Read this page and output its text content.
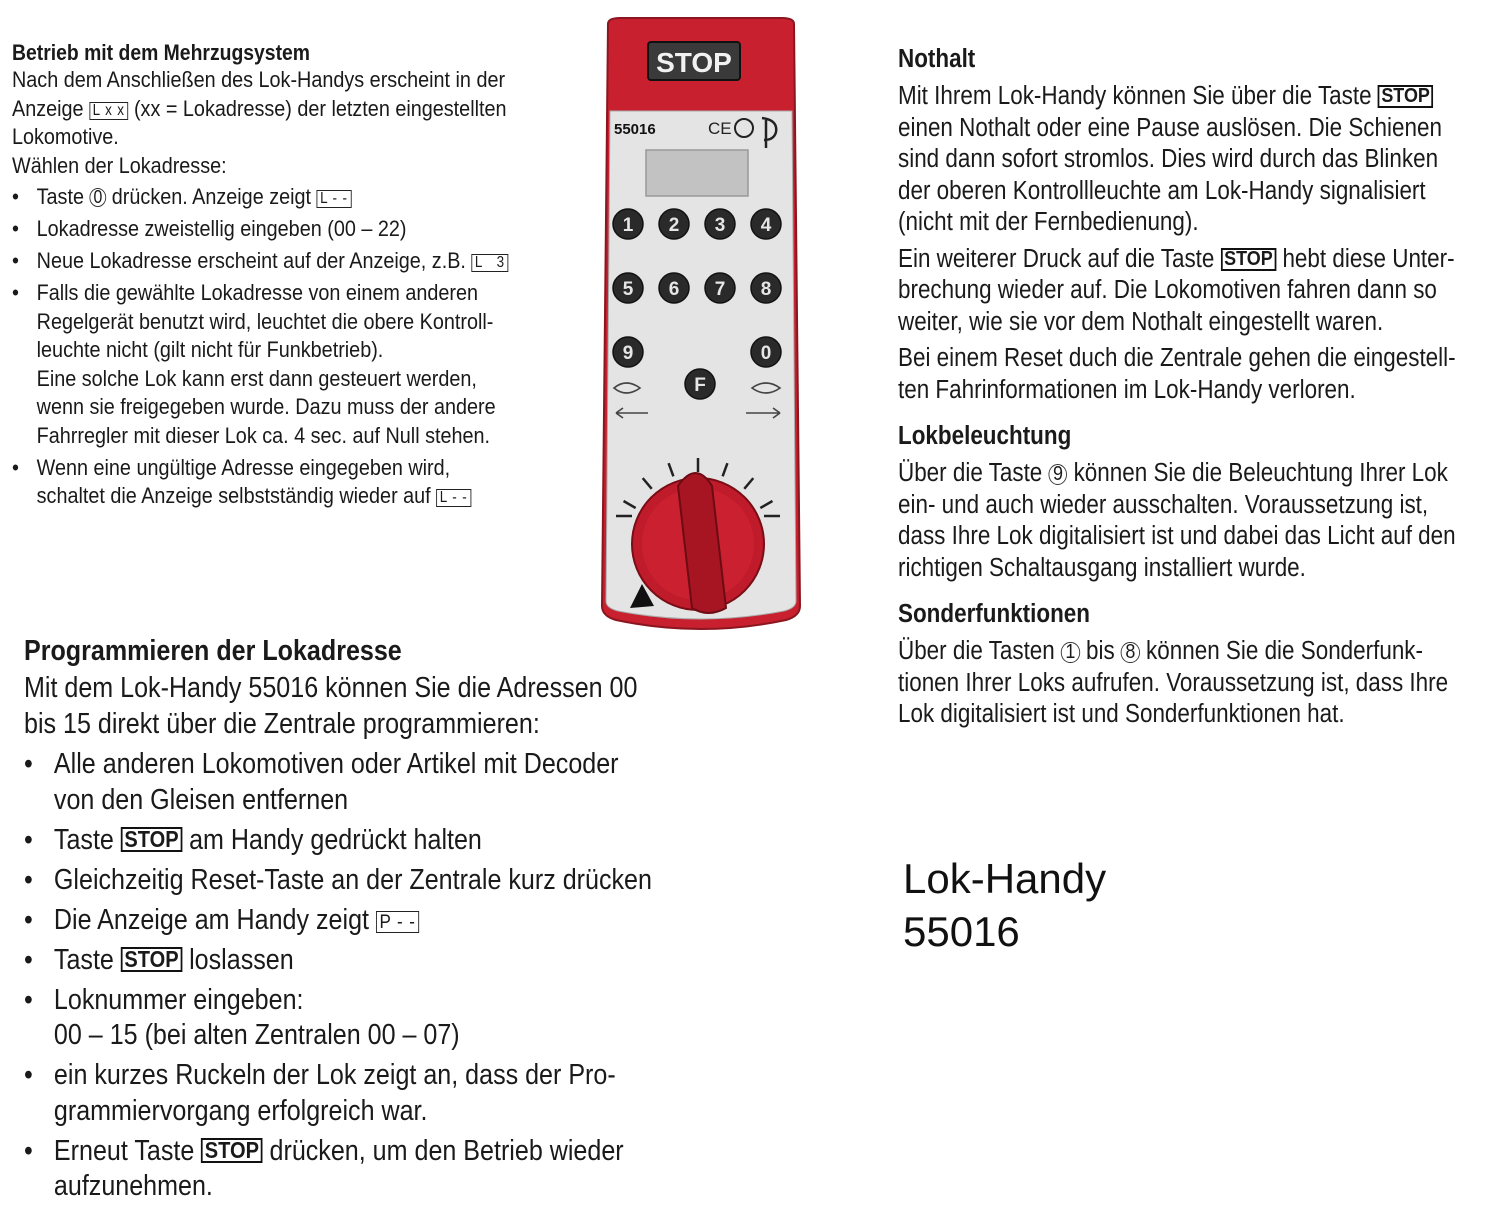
Betrieb mit dem Mehrzugsystem

Nach dem Anschließen des Lok-Handys erscheint in der

Anzeige L x x (xx = Lokadresse) der letzten eingestellten

Lokomotive.

Wählen der Lokadresse:

• Taste 0 drücken. Anzeige zeigt L - -
• Lokadresse zweistellig eingeben (00 – 22)
• Neue Lokadresse erscheint auf der Anzeige, z.B. L   3
• Falls die gewählte Lokadresse von einem anderen
Regelgerät benutzt wird, leuchtet die obere Kontroll-
leuchte nicht (gilt nicht für Funkbetrieb).
Eine solche Lok kann erst dann gesteuert werden,
wenn sie freigegeben wurde. Dazu muss der andere
Fahrregler mit dieser Lok ca. 4 sec. auf Null stehen.
• Wenn eine ungültige Adresse eingegeben wird,
schaltet die Anzeige selbstständig wieder auf L - -
Programmieren der Lokadresse

Mit dem Lok-Handy 55016 können Sie die Adressen 00
bis 15 direkt über die Zentrale programmieren:

• Alle anderen Lokomotiven oder Artikel mit Decoder
von den Gleisen entfernen
• Taste STOP am Handy gedrückt halten
• Gleichzeitig Reset-Taste an der Zentrale kurz drücken
• Die Anzeige am Handy zeigt P - -
• Taste STOP loslassen
• Loknummer eingeben:
00 – 15 (bei alten Zentralen 00 – 07)
• ein kurzes Ruckeln der Lok zeigt an, dass der Pro-
grammiervorgang erfolgreich war.
• Erneut Taste STOP drücken, um den Betrieb wieder
aufzunehmen.
Nothalt

Mit Ihrem Lok-Handy können Sie über die Taste STOP
einen Nothalt oder eine Pause auslösen. Die Schienen
sind dann sofort stromlos. Dies wird durch das Blinken
der oberen Kontrollleuchte am Lok-Handy signalisiert
(nicht mit der Fernbedienung).

Ein weiterer Druck auf die Taste STOP hebt diese Unter-
brechung wieder auf. Die Lokomotiven fahren dann so
weiter, wie sie vor dem Nothalt eingestellt waren.

Bei einem Reset duch die Zentrale gehen die eingestell-
ten Fahrinformationen im Lok-Handy verloren.

Lokbeleuchtung

Über die Taste 9 können Sie die Beleuchtung Ihrer Lok
ein- und auch wieder ausschalten. Voraussetzung ist,
dass Ihre Lok digitalisiert ist und dabei das Licht auf den
richtigen Schaltausgang installiert wurde.

Sonderfunktionen

Über die Tasten 1 bis 8 können Sie die Sonderfunk-
tionen Ihrer Loks aufrufen. Voraussetzung ist, dass Ihre
Lok digitalisiert ist und Sonderfunktionen hat.

Lok-Handy
55016
STOP
55016	CE
1 2 3 4
5 6 7 8
9	0
F
